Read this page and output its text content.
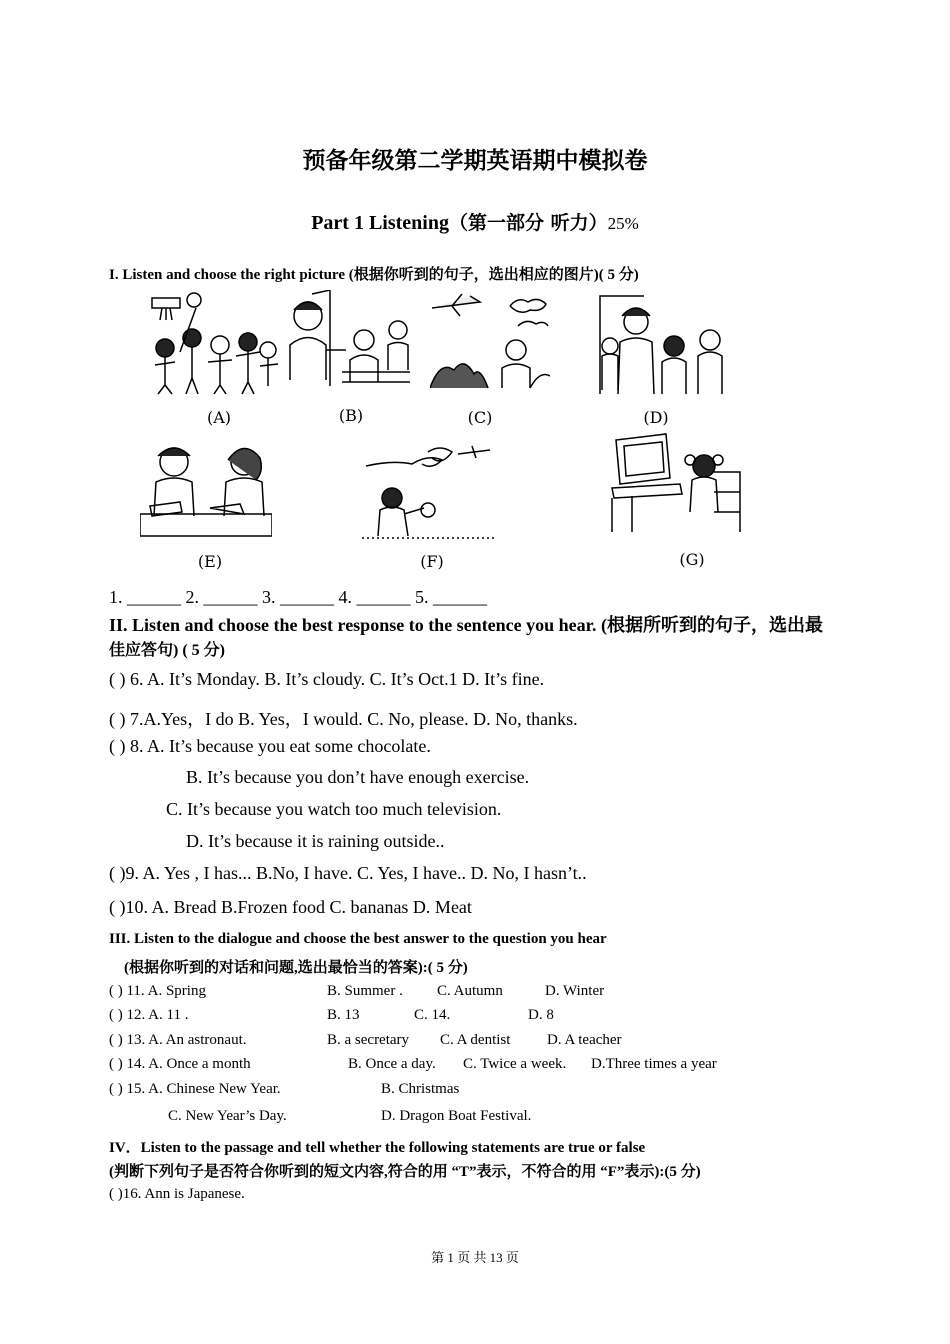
预备年级第二学期英语期中模拟卷
Part 1 Listening（第一部分 听力）25%
I. Listen and choose the right picture (根据你听到的句子，选出相应的图片)( 5 分)
(A)	(B)	(C)	(D)
(E)	(F)	(G)
1. ______ 2. ______ 3. ______ 4. ______ 5. ______
II. Listen and choose the best response to the sentence you hear. (根据所听到的句子，选出最
佳应答句) ( 5 分)
( ) 6. A. It’s Monday. B. It’s cloudy. C. It’s Oct.1 D. It’s fine.
( ) 7.A.Yes，I do B. Yes，I would. C. No, please. D. No, thanks.
( ) 8. A. It’s because you eat some chocolate.
B. It’s because you don’t have enough exercise.
C. It’s because you watch too much television.
D. It’s because it is raining outside..
( )9. A. Yes , I has... B.No, I have. C. Yes, I have.. D. No, I hasn’t..
( )10. A. Bread B.Frozen food C. bananas D. Meat
III. Listen to the dialogue and choose the best answer to the question you hear
(根据你听到的对话和问题,选出最恰当的答案):( 5 分)
( ) 11. A. Spring	B. Summer . C. Autumn	D. Winter
( ) 12. A. 11 .	B. 13	C. 14.	D. 8
( ) 13. A. An astronaut.	B. a secretary C. A dentist D. A teacher
( ) 14. A. Once a month	B. Once a day. C. Twice a week. D.Three times a year
( ) 15. A. Chinese New Year.	B. Christmas
C. New Year’s Day.	D. Dragon Boat Festival.
IV．Listen to the passage and tell whether the following statements are true or false
(判断下列句子是否符合你听到的短文内容,符合的用 “T”表示，不符合的用 “F”表示):(5 分)
( )16. Ann is Japanese.
第 1 页 共 13 页
